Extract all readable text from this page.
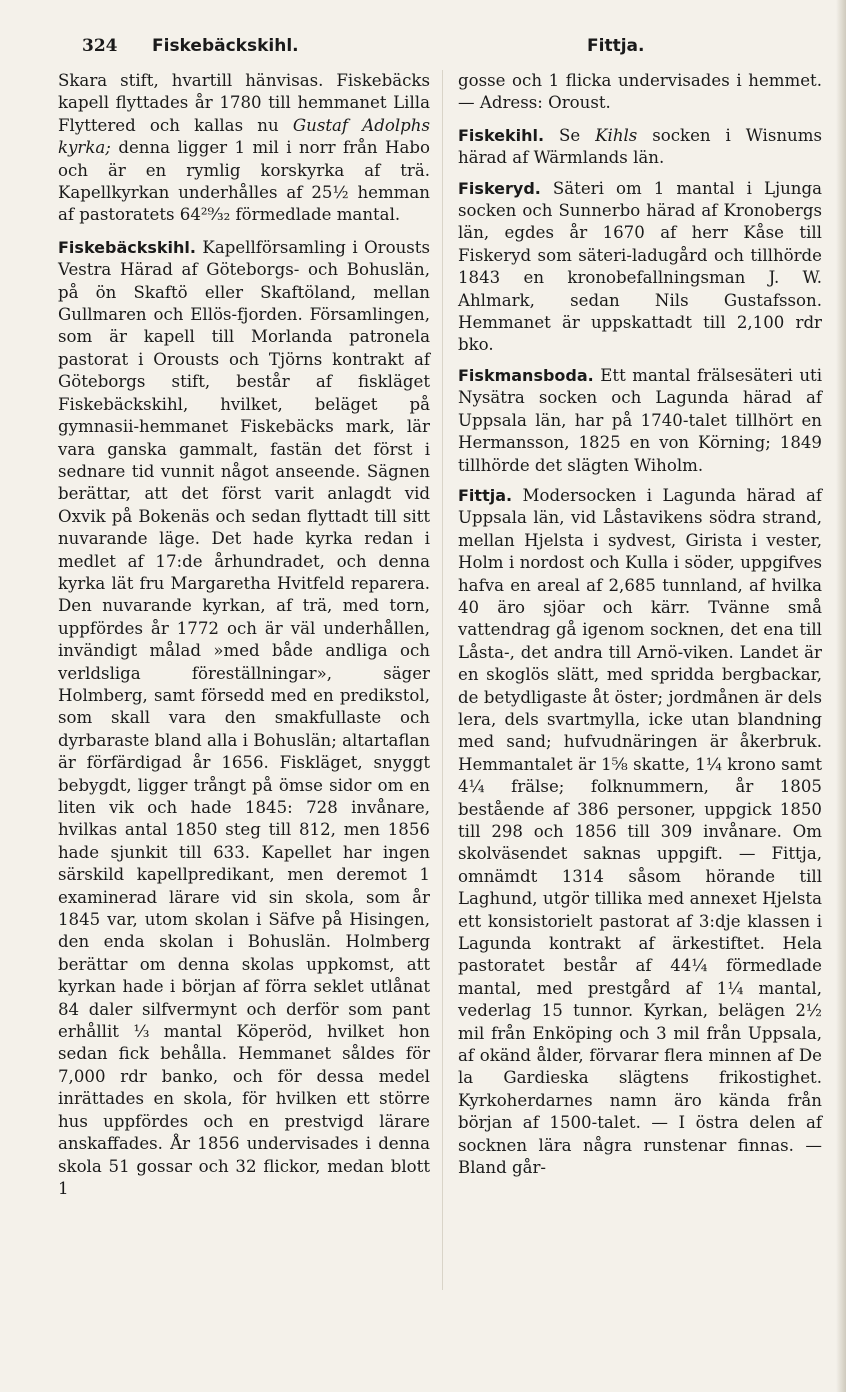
324 Fiskebäckskihl.	Fittja.

Skara stift, hvartill hänvisas. Fiskebäcks kapell flyttades år 1780 till hemmanet Lilla Flyttered och kallas nu Gustaf Adolphs kyrka; denna ligger 1 mil i norr från Habo och är en rymlig korskyrka af trä. Kapellkyrkan underhålles af 25½ hemman af pastoratets 64²⁹⁄₃₂ förmedlade mantal.

Fiskebäckskihl. Kapellförsamling i Orousts Vestra Härad af Göteborgs- och Bohuslän, på ön Skaftö eller Skaftöland, mellan Gullmaren och Ellös-fjorden. Församlingen, som är kapell till Morlanda patronela pastorat i Orousts och Tjörns kontrakt af Göteborgs stift, består af fiskläget Fiskebäckskihl, hvilket, beläget på gymnasii-hemmanet Fiskebäcks mark, lär vara ganska gammalt, fastän det först i sednare tid vunnit något anseende. Sägnen berättar, att det först varit anlagdt vid Oxvik på Bokenäs och sedan flyttadt till sitt nuvarande läge. Det hade kyrka redan i medlet af 17:de århundradet, och denna kyrka lät fru Margaretha Hvitfeld reparera. Den nuvarande kyrkan, af trä, med torn, uppfördes år 1772 och är väl underhållen, invändigt målad »med både andliga och verldsliga föreställningar», säger Holmberg, samt försedd med en predikstol, som skall vara den smakfullaste och dyrbaraste bland alla i Bohuslän; altartaflan är förfärdigad år 1656. Fiskläget, snyggt bebygdt, ligger trångt på ömse sidor om en liten vik och hade 1845: 728 invånare, hvilkas antal 1850 steg till 812, men 1856 hade sjunkit till 633. Kapellet har ingen särskild kapellpredikant, men deremot 1 examinerad lärare vid sin skola, som år 1845 var, utom skolan i Säfve på Hisingen, den enda skolan i Bohuslän. Holmberg berättar om denna skolas uppkomst, att kyrkan hade i början af förra seklet utlånat 84 daler silfvermynt och derför som pant erhållit ⅓ mantal Köperöd, hvilket hon sedan fick behålla. Hemmanet såldes för 7,000 rdr banko, och för dessa medel inrättades en skola, för hvilken ett större hus uppfördes och en prestvigd lärare anskaffades. År 1856 undervisades i denna skola 51 gossar och 32 flickor, medan blott 1

gosse och 1 flicka undervisades i hemmet. — Adress: Oroust.

Fiskekihl. Se Kihls socken i Wisnums härad af Wärmlands län.

Fiskeryd. Säteri om 1 mantal i Ljunga socken och Sunnerbo härad af Kronobergs län, egdes år 1670 af herr Kåse till Fiskeryd som säteri-ladugård och tillhörde 1843 en kronobefallningsman J. W. Ahlmark, sedan Nils Gustafsson. Hemmanet är uppskattadt till 2,100 rdr bko.

Fiskmansboda. Ett mantal frälsesäteri uti Nysätra socken och Lagunda härad af Uppsala län, har på 1740-talet tillhört en Hermansson, 1825 en von Körning; 1849 tillhörde det slägten Wiholm.

Fittja. Modersocken i Lagunda härad af Uppsala län, vid Låstavikens södra strand, mellan Hjelsta i sydvest, Girista i vester, Holm i nordost och Kulla i söder, uppgifves hafva en areal af 2,685 tunnland, af hvilka 40 äro sjöar och kärr. Tvänne små vattendrag gå igenom socknen, det ena till Låsta-, det andra till Arnö-viken. Landet är en skoglös slätt, med spridda bergbackar, de betydligaste åt öster; jordmånen är dels lera, dels svartmylla, icke utan blandning med sand; hufvudnäringen är åkerbruk. Hemmantalet är 1⅝ skatte, 1¼ krono samt 4¼ frälse; folknummern, år 1805 bestående af 386 personer, uppgick 1850 till 298 och 1856 till 309 invånare. Om skolväsendet saknas uppgift. — Fittja, omnämdt 1314 såsom hörande till Laghund, utgör tillika med annexet Hjelsta ett konsistorielt pastorat af 3:dje klassen i Lagunda kontrakt af ärkestiftet. Hela pastoratet består af 44¼ förmedlade mantal, med prestgård af 1¼ mantal, vederlag 15 tunnor. Kyrkan, belägen 2½ mil från Enköping och 3 mil från Uppsala, af okänd ålder, förvarar flera minnen af De la Gardieska slägtens frikostighet. Kyrkoherdarnes namn äro kända från början af 1500-talet. — I östra delen af socknen lära några runstenar finnas. — Bland går-
